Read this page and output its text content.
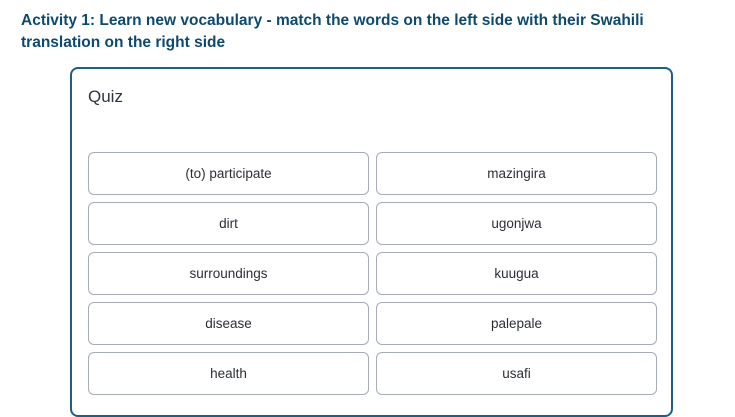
Activity 1: Learn new vocabulary - match the words on the left side with their Swahili translation on the right side
Quiz
(to) participate	mazingira
dirt	ugonjwa
surroundings	kuugua
disease	palepale
health	usafi
